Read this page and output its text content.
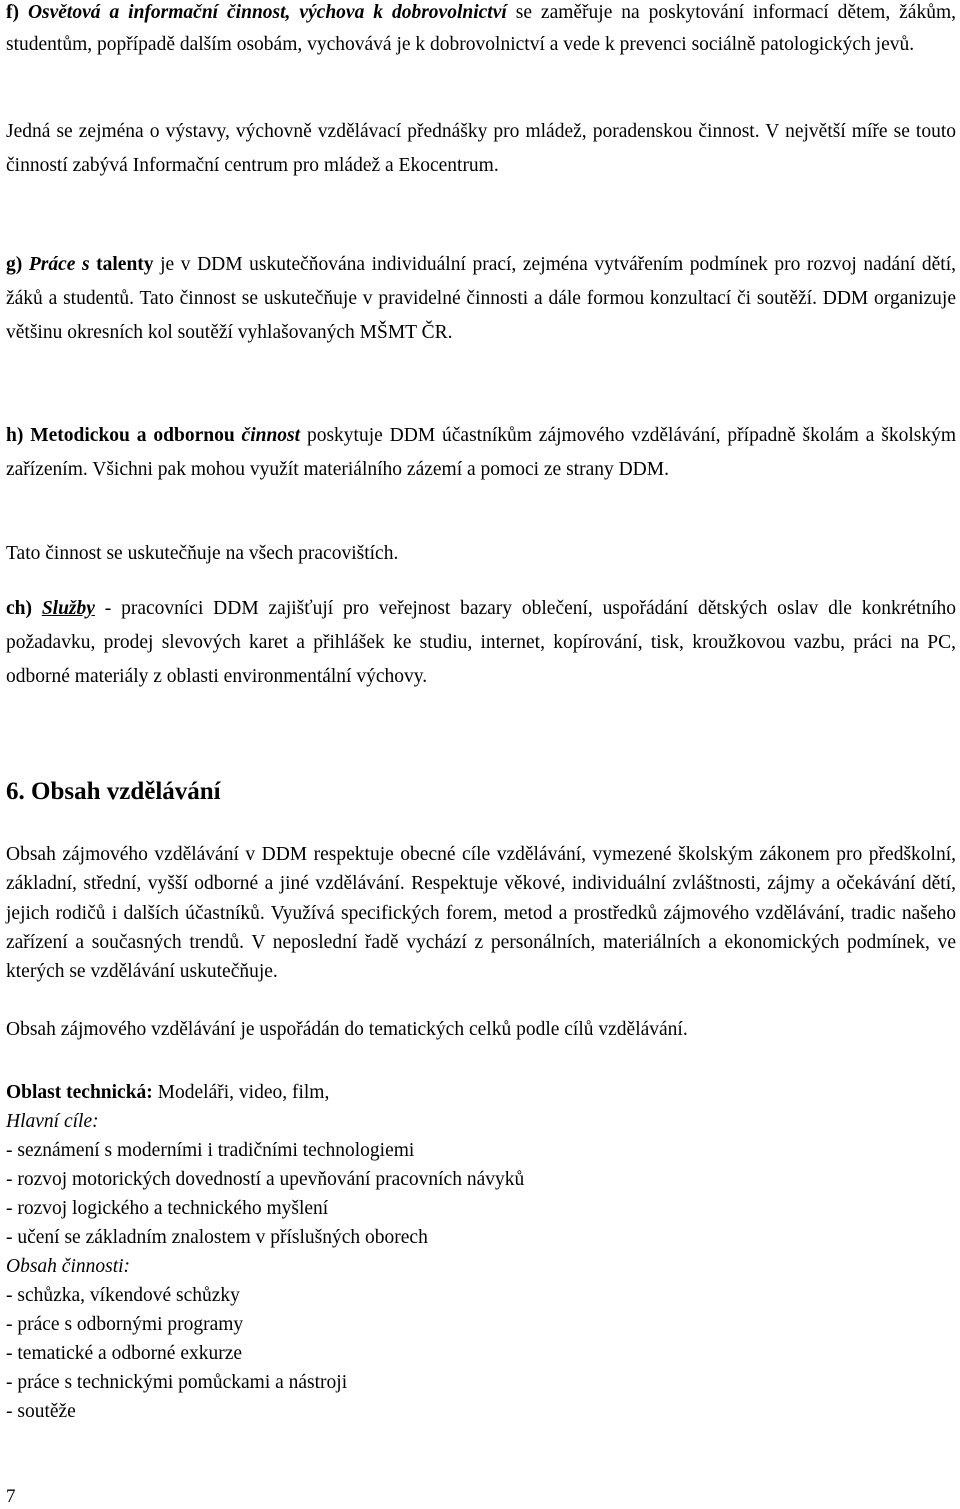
f) Osvětová a informační činnost, výchova k dobrovolnictví se zaměřuje na poskytování informací dětem, žákům, studentům, popřípadě dalším osobám, vychovává je k dobrovolnictví a vede k prevenci sociálně patologických jevů.

Jedná se zejména o výstavy, výchovně vzdělávací přednášky pro mládež, poradenskou činnost. V největší míře se touto činností zabývá Informační centrum pro mládež a Ekocentrum.

g) Práce s talenty je v DDM uskutečňována individuální prací, zejména vytvářením podmínek pro rozvoj nadání dětí, žáků a studentů. Tato činnost se uskutečňuje v pravidelné činnosti a dále formou konzultací či soutěží. DDM organizuje většinu okresních kol soutěží vyhlašovaných MŠMT ČR.

h) Metodickou a odbornou činnost poskytuje DDM účastníkům zájmového vzdělávání, případně školám a školským zařízením. Všichni pak mohou využít materiálního zázemí a pomoci ze strany DDM.

Tato činnost se uskutečňuje na všech pracovištích.

ch) Služby - pracovníci DDM zajišťují pro veřejnost bazary oblečení, uspořádání dětských oslav dle konkrétního požadavku, prodej slevových karet a přihlášek ke studiu, internet, kopírování, tisk, kroužkovou vazbu, práci na PC, odborné materiály z oblasti environmentální výchovy.

6. Obsah vzdělávání

Obsah zájmového vzdělávání v DDM respektuje obecné cíle vzdělávání, vymezené školským zákonem pro předškolní, základní, střední, vyšší odborné a jiné vzdělávání. Respektuje věkové, individuální zvláštnosti, zájmy a očekávání dětí, jejich rodičů i dalších účastníků. Využívá specifických forem, metod a prostředků zájmového vzdělávání, tradic našeho zařízení a současných trendů. V neposlední řadě vychází z personálních, materiálních a ekonomických podmínek, ve kterých se vzdělávání uskutečňuje.

Obsah zájmového vzdělávání je uspořádán do tematických celků podle cílů vzdělávání.

Oblast technická: Modeláři, video, film,

Hlavní cíle:

- seznámení s moderními i tradičními technologiemi

- rozvoj motorických dovedností a upevňování pracovních návyků

- rozvoj logického a technického myšlení

- učení se základním znalostem v příslušných oborech

Obsah činnosti:

- schůzka, víkendové schůzky

- práce s odbornými programy

- tematické a odborné exkurze

- práce s technickými pomůckami a nástroji

- soutěže

7
